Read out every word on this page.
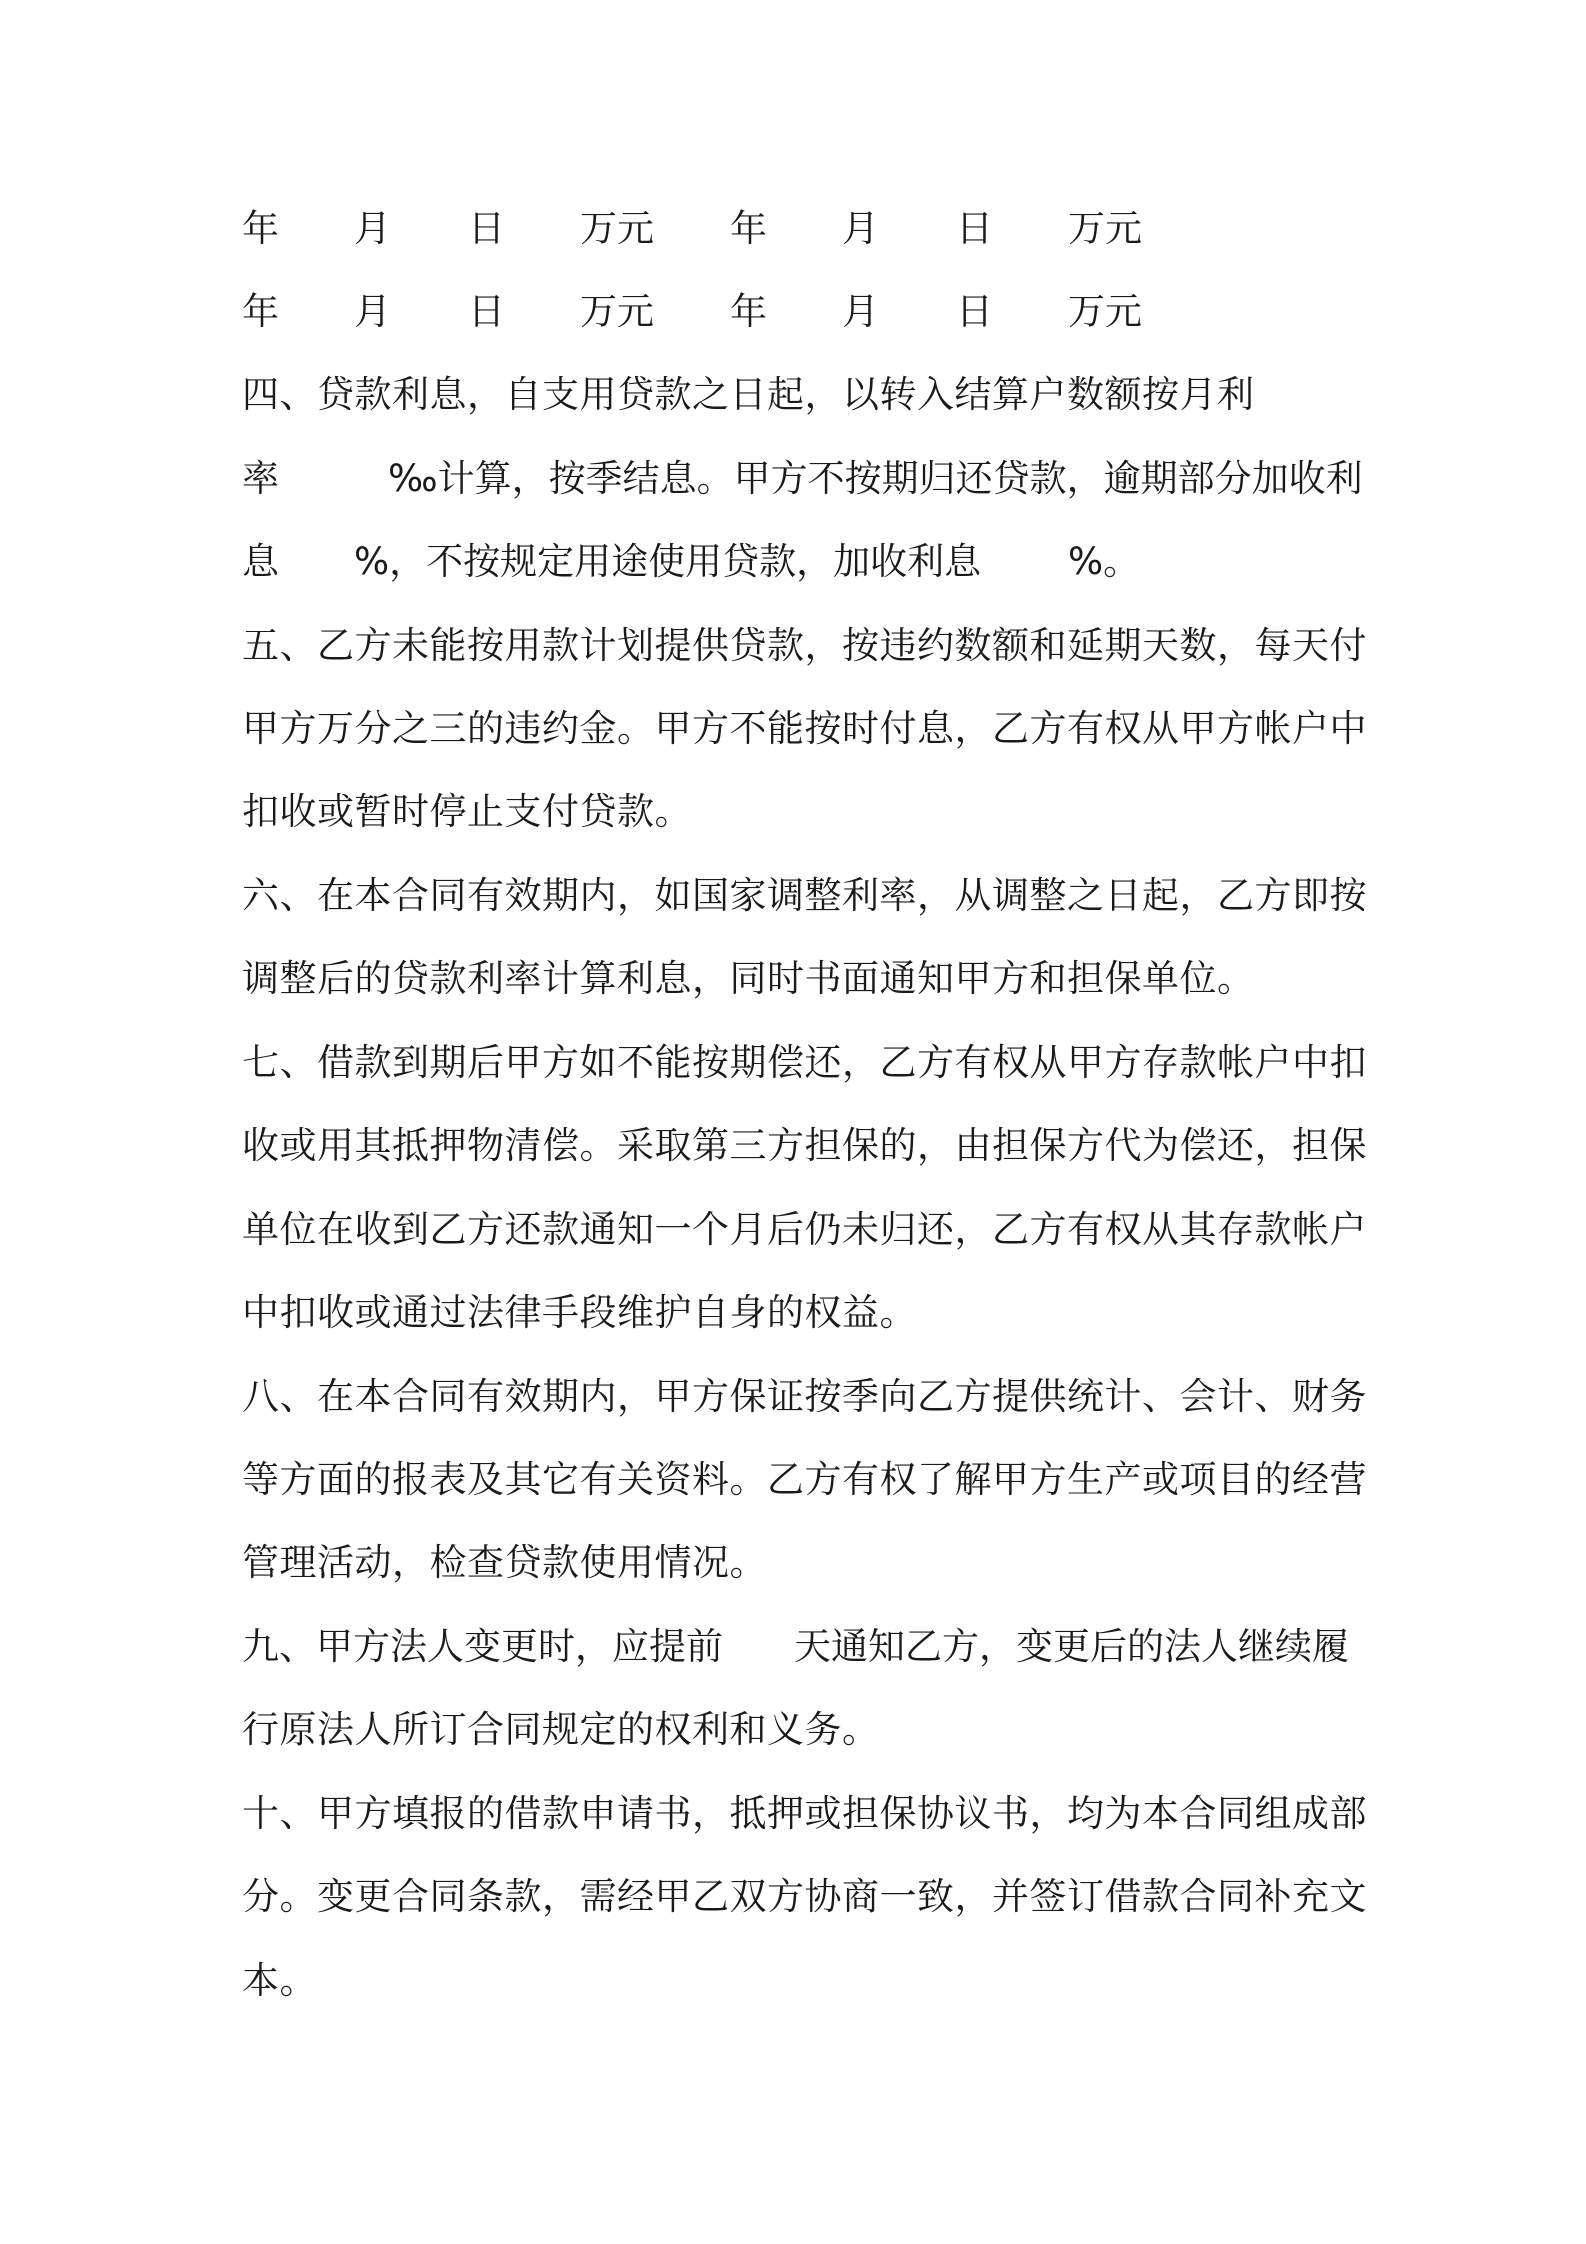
年 月 日 万元 年 月 日 万元
年 月 日 万元 年 月 日 万元
四、贷款利息，自支用贷款之日起，以转入结算户数额按月利
率	‰计算，按季结息。甲方不按期归还贷款，逾期部分加收利
息 %，不按规定用途使用贷款，加收利息 %。
五、乙方未能按用款计划提供贷款，按违约数额和延期天数，每天付
甲方万分之三的违约金。甲方不能按时付息，乙方有权从甲方帐户中
扣收或暂时停止支付贷款。
六、在本合同有效期内，如国家调整利率，从调整之日起，乙方即按
调整后的贷款利率计算利息，同时书面通知甲方和担保单位。
七、借款到期后甲方如不能按期偿还，乙方有权从甲方存款帐户中扣
收或用其抵押物清偿。采取第三方担保的，由担保方代为偿还，担保
单位在收到乙方还款通知一个月后仍未归还，乙方有权从其存款帐户
中扣收或通过法律手段维护自身的权益。
八、在本合同有效期内，甲方保证按季向乙方提供统计、会计、财务
等方面的报表及其它有关资料。乙方有权了解甲方生产或项目的经营
管理活动，检查贷款使用情况。
九、甲方法人变更时，应提前 天通知乙方，变更后的法人继续履
行原法人所订合同规定的权利和义务。
十、甲方填报的借款申请书，抵押或担保协议书，均为本合同组成部
分。变更合同条款，需经甲乙双方协商一致，并签订借款合同补充文
本。
